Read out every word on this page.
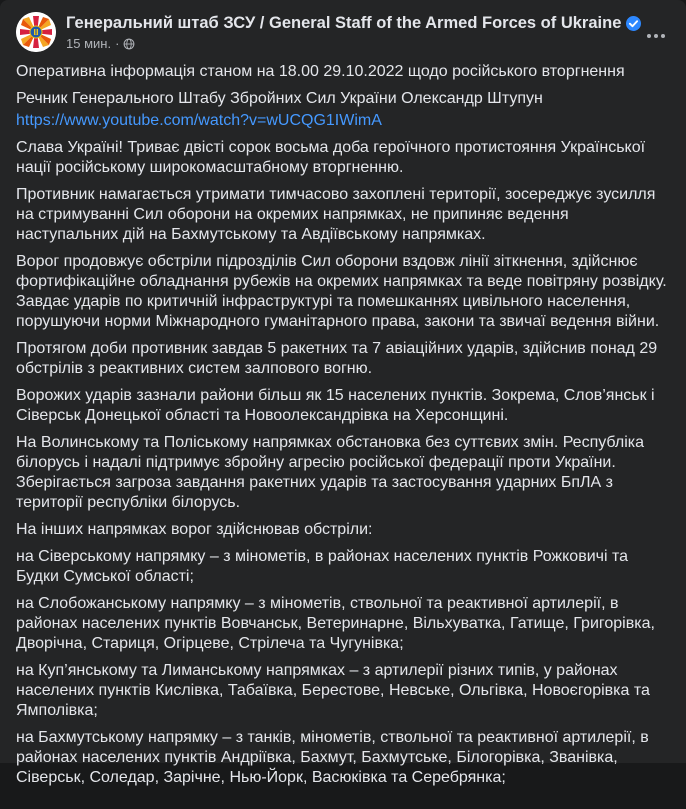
Генеральний штаб ЗСУ / General Staff of the Armed Forces of Ukraine
15 мин. ·

Оперативна інформація станом на 18.00 29.10.2022 щодо російського вторгнення

Речник Генерального Штабу Збройних Сил України Олександр Штупун

https://www.youtube.com/watch?v=wUCQG1IWimA

Слава Україні! Триває двісті сорок восьма доба героїчного протистояння Української нації російському широкомасштабному вторгненню.

Противник намагається утримати тимчасово захоплені території, зосереджує зусилля на стримуванні Сил оборони на окремих напрямках, не припиняє ведення наступальних дій на Бахмутському та Авдіївському напрямках.

Ворог продовжує обстріли підрозділів Сил оборони вздовж лінії зіткнення, здійснює фортифікаційне обладнання рубежів на окремих напрямках та веде повітряну розвідку. Завдає ударів по критичній інфраструктурі та помешканнях цивільного населення, порушуючи норми Міжнародного гуманітарного права, закони та звичаї ведення війни.

Протягом доби противник завдав 5 ракетних та 7 авіаційних ударів, здійснив понад 29 обстрілів з реактивних систем залпового вогню.

Ворожих ударів зазнали райони більш як 15 населених пунктів. Зокрема, Слов’янськ і Сіверськ Донецької області та Новоолександрівка на Херсонщині.

На Волинському та Поліському напрямках обстановка без суттєвих змін. Республіка білорусь і надалі підтримує збройну агресію російської федерації проти України. Зберігається загроза завдання ракетних ударів та застосування ударних БпЛА з території республіки білорусь.

На інших напрямках ворог здійснював обстріли:

на Сіверському напрямку – з мінометів, в районах населених пунктів Рожковичі та Будки Сумської області;

на Слобожанському напрямку – з мінометів, ствольної та реактивної артилерії, в районах населених пунктів Вовчанськ, Ветеринарне, Вільхуватка, Гатище, Григорівка, Дворічна, Стариця, Огірцеве, Стрілеча та Чугунівка;

на Куп’янському та Лиманському напрямках – з артилерії різних типів, у районах населених пунктів Кислівка, Табаївка, Берестове, Невське, Ольгівка, Новоєгорівка та Ямполівка;

на Бахмутському напрямку – з танків, мінометів, ствольної та реактивної артилерії, в районах населених пунктів Андріївка, Бахмут, Бахмутське, Білогорівка, Званівка, Сіверськ, Соледар, Зарічне, Нью-Йорк, Васюківка та Серебрянка;
